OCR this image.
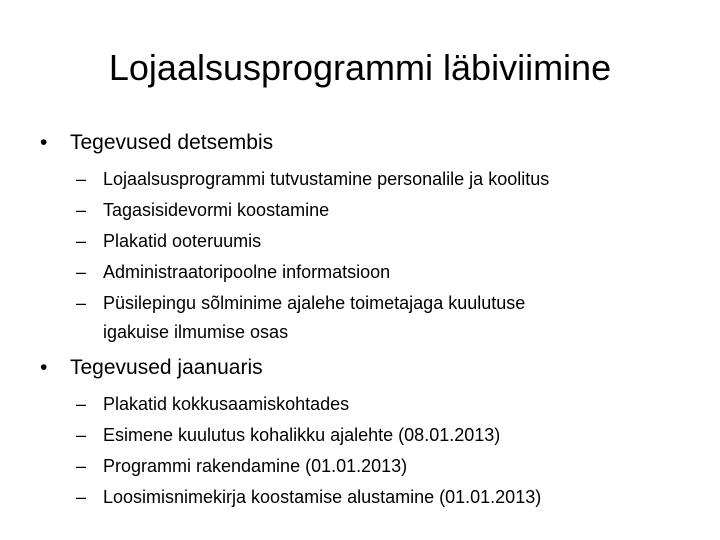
Lojaalsusprogrammi läbiviimine
•	Tegevused detsembis
– Lojaalsusprogrammi tutvustamine personalile ja koolitus
– Tagasisidevormi koostamine
– Plakatid ooteruumis
– Administraatoripoolne informatsioon
– Püsilepingu sõlminime ajalehe toimetajaga kuulutuse
igakuise ilmumise osas
•	Tegevused jaanuaris
– Plakatid kokkusaamiskohtades
– Esimene kuulutus kohalikku ajalehte (08.01.2013)
– Programmi rakendamine (01.01.2013)
– Loosimisnimekirja koostamise alustamine (01.01.2013)
